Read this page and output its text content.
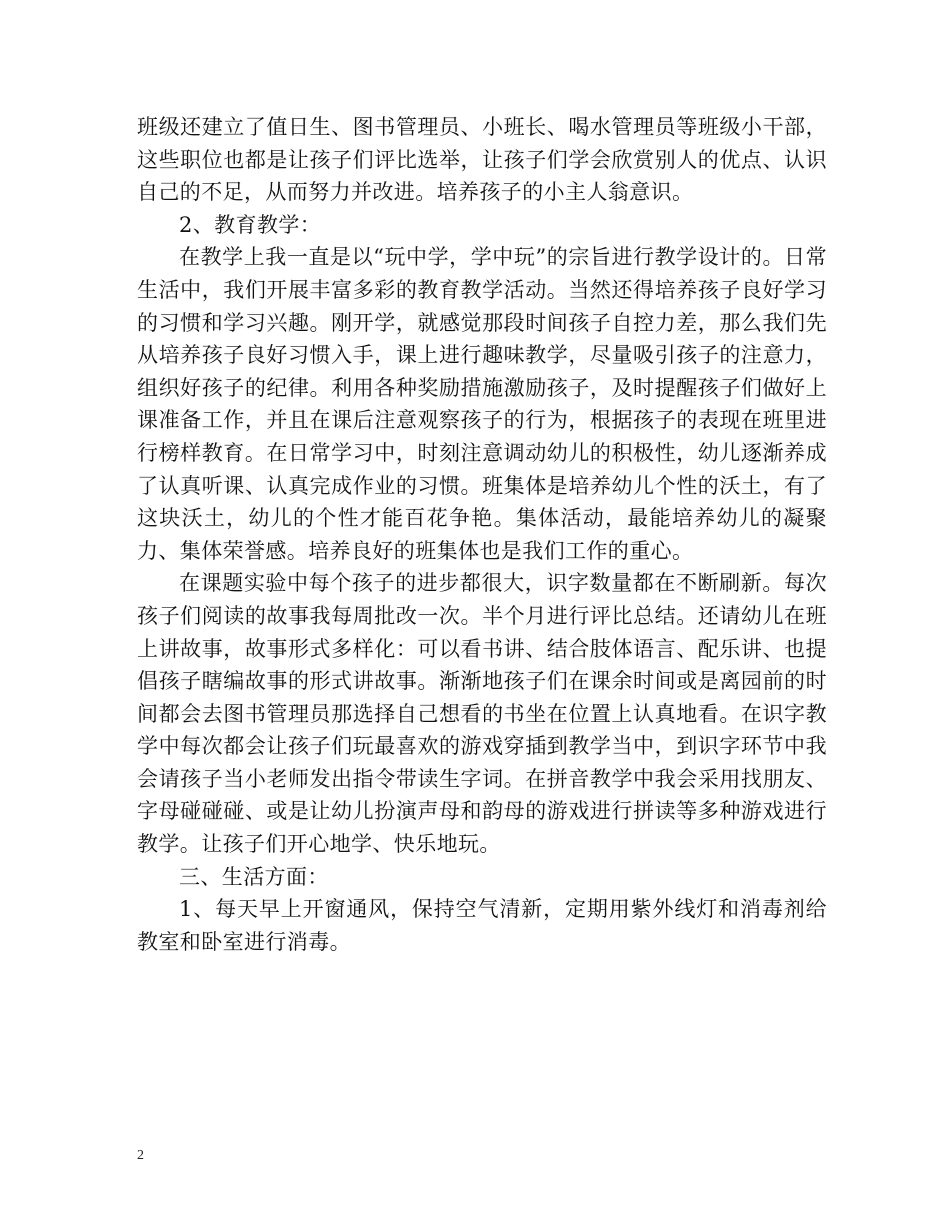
班级还建立了值日生、图书管理员、小班长、喝水管理员等班级小干部，这些职位也都是让孩子们评比选举，让孩子们学会欣赏别人的优点、认识自己的不足，从而努力并改进。培养孩子的小主人翁意识。

2、教育教学：

在教学上我一直是以“玩中学，学中玩”的宗旨进行教学设计的。日常生活中，我们开展丰富多彩的教育教学活动。当然还得培养孩子良好学习的习惯和学习兴趣。刚开学，就感觉那段时间孩子自控力差，那么我们先从培养孩子良好习惯入手，课上进行趣味教学，尽量吸引孩子的注意力，组织好孩子的纪律。利用各种奖励措施激励孩子，及时提醒孩子们做好上课准备工作，并且在课后注意观察孩子的行为，根据孩子的表现在班里进行榜样教育。在日常学习中，时刻注意调动幼儿的积极性，幼儿逐渐养成了认真听课、认真完成作业的习惯。班集体是培养幼儿个性的沃土，有了这块沃土，幼儿的个性才能百花争艳。集体活动，最能培养幼儿的凝聚力、集体荣誉感。培养良好的班集体也是我们工作的重心。

在课题实验中每个孩子的进步都很大，识字数量都在不断刷新。每次孩子们阅读的故事我每周批改一次。半个月进行评比总结。还请幼儿在班上讲故事，故事形式多样化：可以看书讲、结合肢体语言、配乐讲、也提倡孩子瞎编故事的形式讲故事。渐渐地孩子们在课余时间或是离园前的时间都会去图书管理员那选择自己想看的书坐在位置上认真地看。在识字教学中每次都会让孩子们玩最喜欢的游戏穿插到教学当中，到识字环节中我会请孩子当小老师发出指令带读生字词。在拼音教学中我会采用找朋友、字母碰碰碰、或是让幼儿扮演声母和韵母的游戏进行拼读等多种游戏进行教学。让孩子们开心地学、快乐地玩。

三、生活方面：

1、每天早上开窗通风，保持空气清新，定期用紫外线灯和消毒剂给教室和卧室进行消毒。

2
